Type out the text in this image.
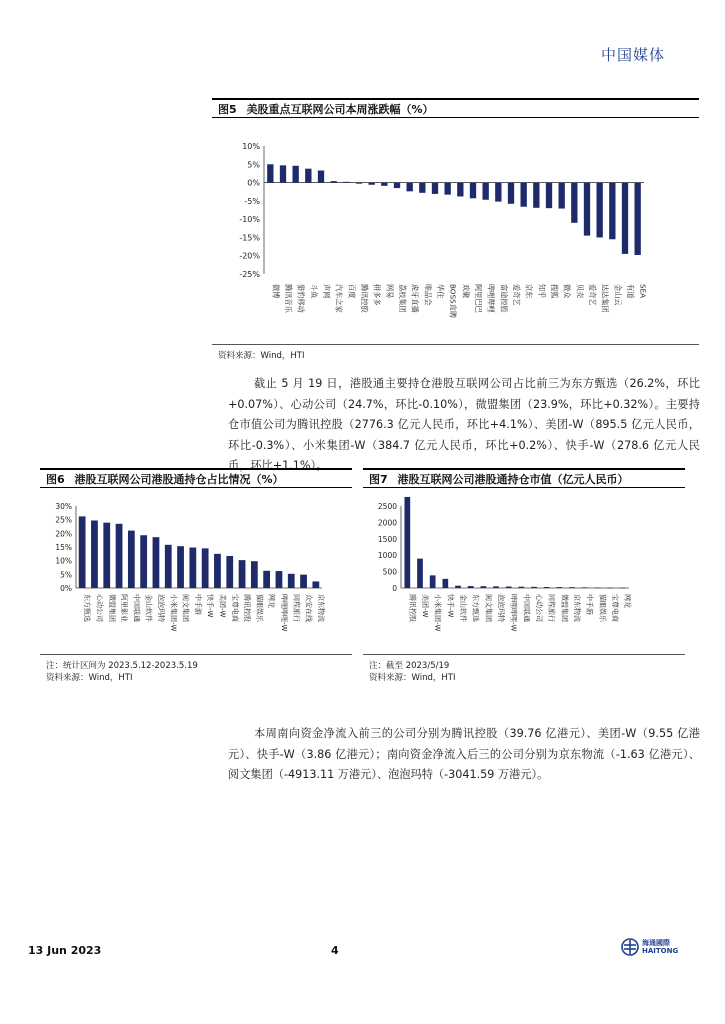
中国媒体
图5 美股重点互联网公司本周涨跌幅（%）
10%
5%
0%
-5%
-10%
-15%
-20%
-25%
微博 腾讯音乐 猎豹移动 斗鱼 声网 汽车之家 百度 腾讯控股 拼多多 网易 荔枝集团 虎牙直播 唯品会 华住 BOSS直聘 欢聚 阿里巴巴 哔哩哔哩 富途控股 爱奇艺 京东 知乎 搜狐 微众 贝壳 爱奇艺 达达集团 金山云 有道 SEA
资料来源：Wind，HTI
截止 5 月 19 日，港股通主要持仓港股互联网公司占比前三为东方甄选（26.2%，环比+0.07%）、心动公司（24.7%，环比-0.10%），微盟集团（23.9%，环比+0.32%）。主要持仓市值公司为腾讯控股（2776.3 亿元人民币，环比+4.1%）、美团-W（895.5 亿元人民币，环比-0.3%）、小米集团-W（384.7 亿元人民币，环比+0.2%）、快手-W（278.6 亿元人民币，环比+1.1%）。
图6 港股互联网公司港股通持仓占比情况（%）
30%
25%
20%
15%
10%
5%
0%
东方甄选 心动公司 微盟集团 阿里影业 中国联通 金山软件 泡泡玛特 小米集团-W 阅文集团 中手游 快手-W 美团-W 宝尊电商 腾讯控股 猫眼娱乐 网龙 哔哩哔哩-W 同程旅行 众安在线 京东物流
注：统计区间为 2023.5.12-2023.5.19
资料来源：Wind，HTI
图7 港股互联网公司港股通持仓市值（亿元人民币）
2500
2000
1500
1000
500
0
腾讯控股 美团-W 小米集团-W 快手-W 金山软件 东方甄选 阅文集团 泡泡玛特 哔哩哔哩-W 中国联通 心动公司 同程旅行 微盟集团 京东物流 中手游 猫眼娱乐 宝尊电商 网龙
注：截至 2023/5/19
资料来源：Wind，HTI
本周南向资金净流入前三的公司分别为腾讯控股（39.76 亿港元）、美团-W（9.55 亿港元）、快手-W（3.86 亿港元）；南向资金净流入后三的公司分别为京东物流（-1.63 亿港元）、阅文集团（-4913.11 万港元）、泡泡玛特（-3041.59 万港元）。
13 Jun 2023	4
海通國際
HAITONG
